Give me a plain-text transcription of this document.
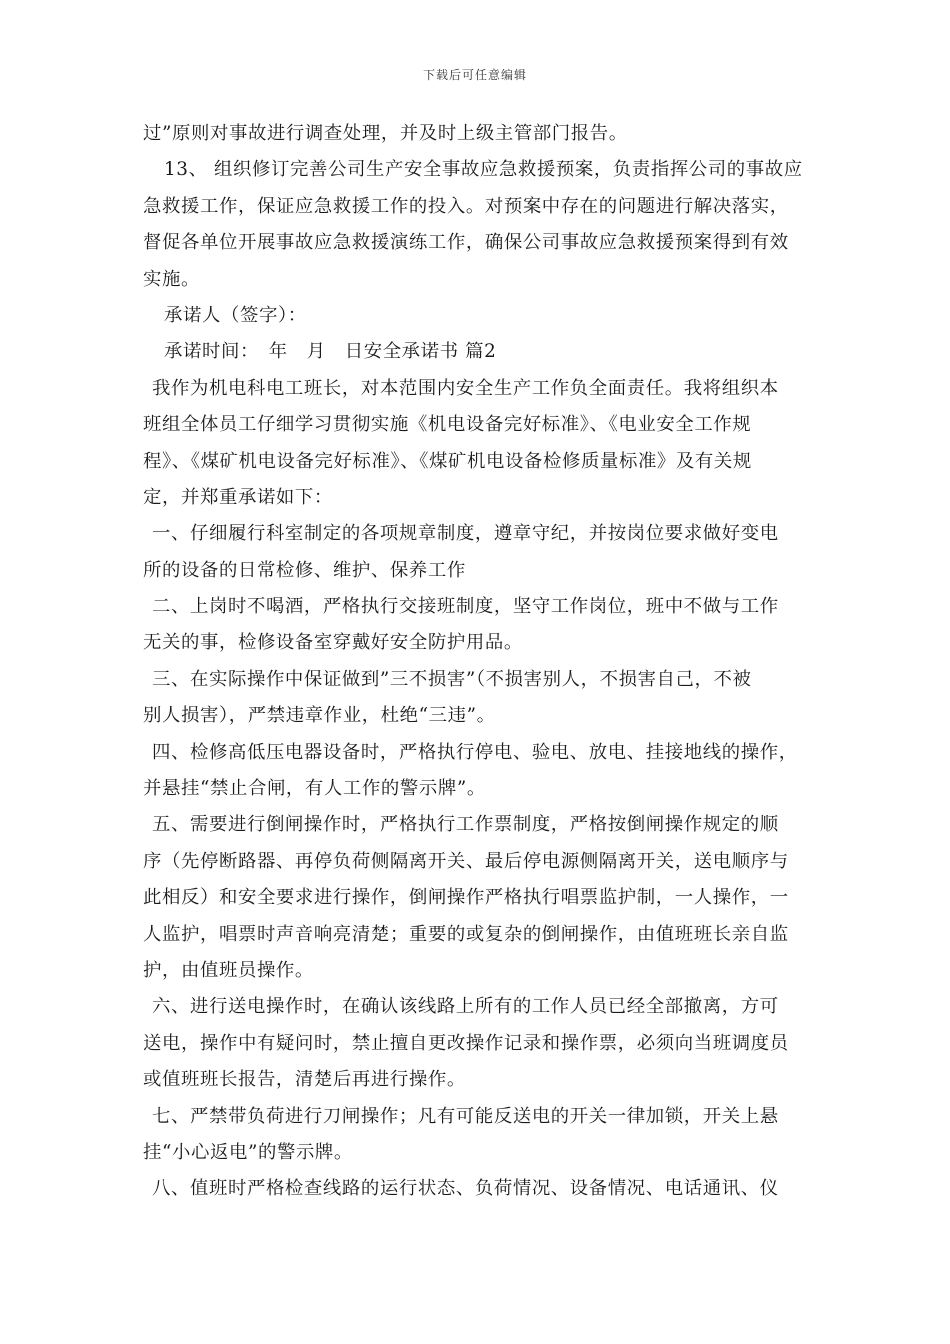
下载后可任意编辑
过”原则对事故进行调查处理，并及时上级主管部门报告。
13、 组织修订完善公司生产安全事故应急救援预案，负责指挥公司的事故应
急救援工作，保证应急救援工作的投入。对预案中存在的问题进行解决落实，
督促各单位开展事故应急救援演练工作，确保公司事故应急救援预案得到有效
实施。
承诺人（签字）：
承诺时间：　年　月　日安全承诺书 篇2
我作为机电科电工班长，对本范围内安全生产工作负全面责任。我将组织本
班组全体员工仔细学习贯彻实施《机电设备完好标准》、《电业安全工作规
程》、《煤矿机电设备完好标准》、《煤矿机电设备检修质量标准》及有关规
定，并郑重承诺如下：
一、仔细履行科室制定的各项规章制度，遵章守纪，并按岗位要求做好变电
所的设备的日常检修、维护、保养工作
二、上岗时不喝酒，严格执行交接班制度，坚守工作岗位，班中不做与工作
无关的事，检修设备室穿戴好安全防护用品。
三、在实际操作中保证做到”三不损害”（不损害别人，不损害自己，不被
别人损害），严禁违章作业，杜绝“三违”。
四、检修高低压电器设备时，严格执行停电、验电、放电、挂接地线的操作，
并悬挂“禁止合闸，有人工作的警示牌”。
五、需要进行倒闸操作时，严格执行工作票制度，严格按倒闸操作规定的顺
序（先停断路器、再停负荷侧隔离开关、最后停电源侧隔离开关，送电顺序与
此相反）和安全要求进行操作，倒闸操作严格执行唱票监护制，一人操作，一
人监护，唱票时声音响亮清楚；重要的或复杂的倒闸操作，由值班班长亲自监
护，由值班员操作。
六、进行送电操作时，在确认该线路上所有的工作人员已经全部撤离，方可
送电，操作中有疑问时，禁止擅自更改操作记录和操作票，必须向当班调度员
或值班班长报告，清楚后再进行操作。
七、严禁带负荷进行刀闸操作；凡有可能反送电的开关一律加锁，开关上悬
挂“小心返电”的警示牌。
八、值班时严格检查线路的运行状态、负荷情况、设备情况、电话通讯、仪
